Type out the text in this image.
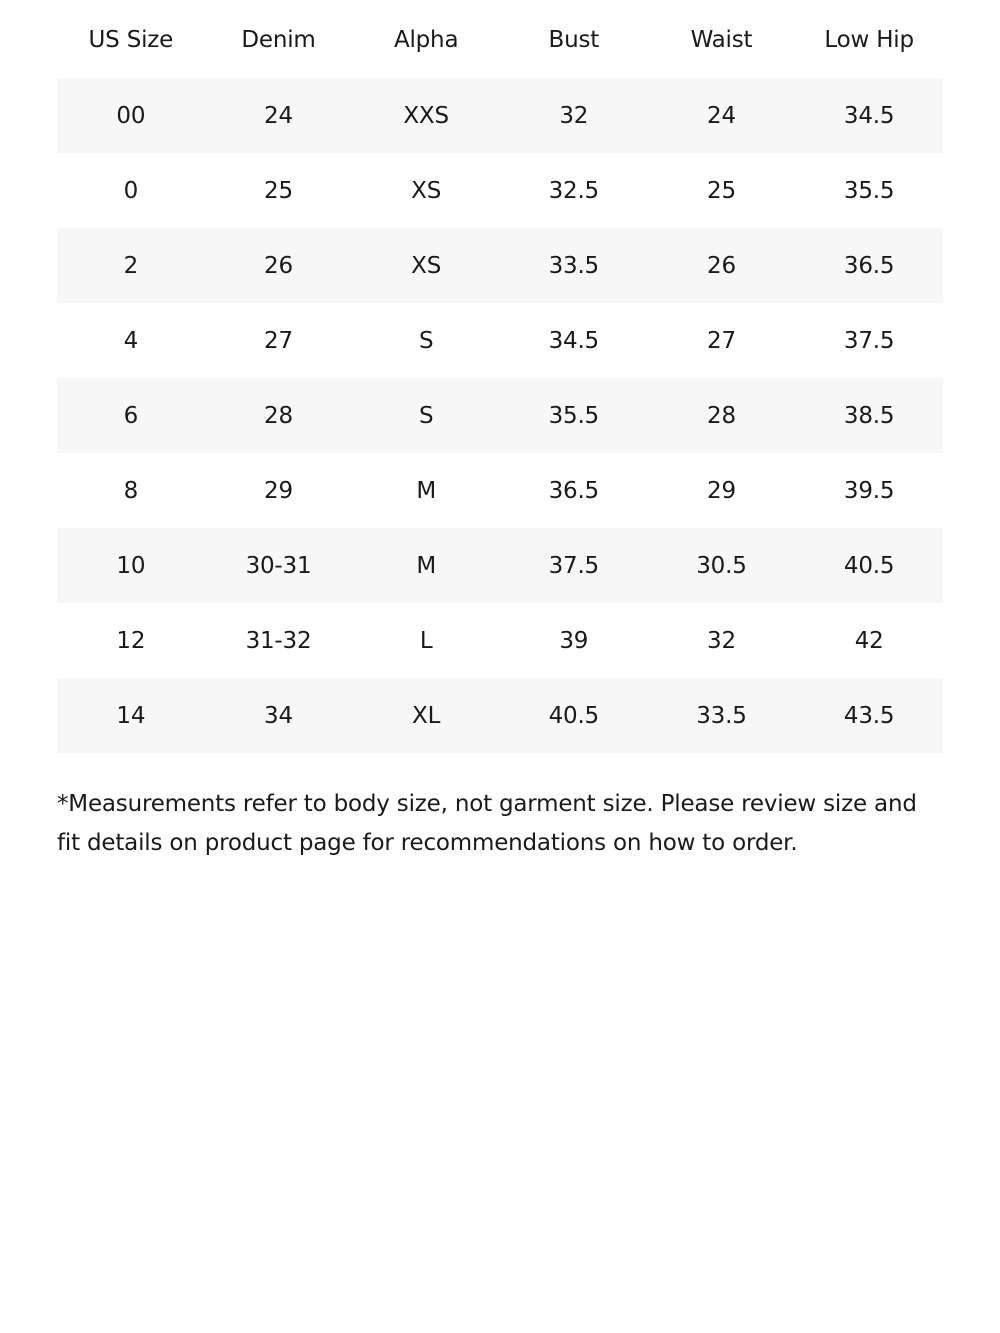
US Size	Denim	Alpha	Bust	Waist	Low Hip
00	24	XXS	32	24	34.5
0	25	XS	32.5	25	35.5
2	26	XS	33.5	26	36.5
4	27	S	34.5	27	37.5
6	28	S	35.5	28	38.5
8	29	M	36.5	29	39.5
10	30-31	M	37.5	30.5	40.5
12	31-32	L	39	32	42
14	34	XL	40.5	33.5	43.5

*Measurements refer to body size, not garment size. Please review size and fit details on product page for recommendations on how to order.
